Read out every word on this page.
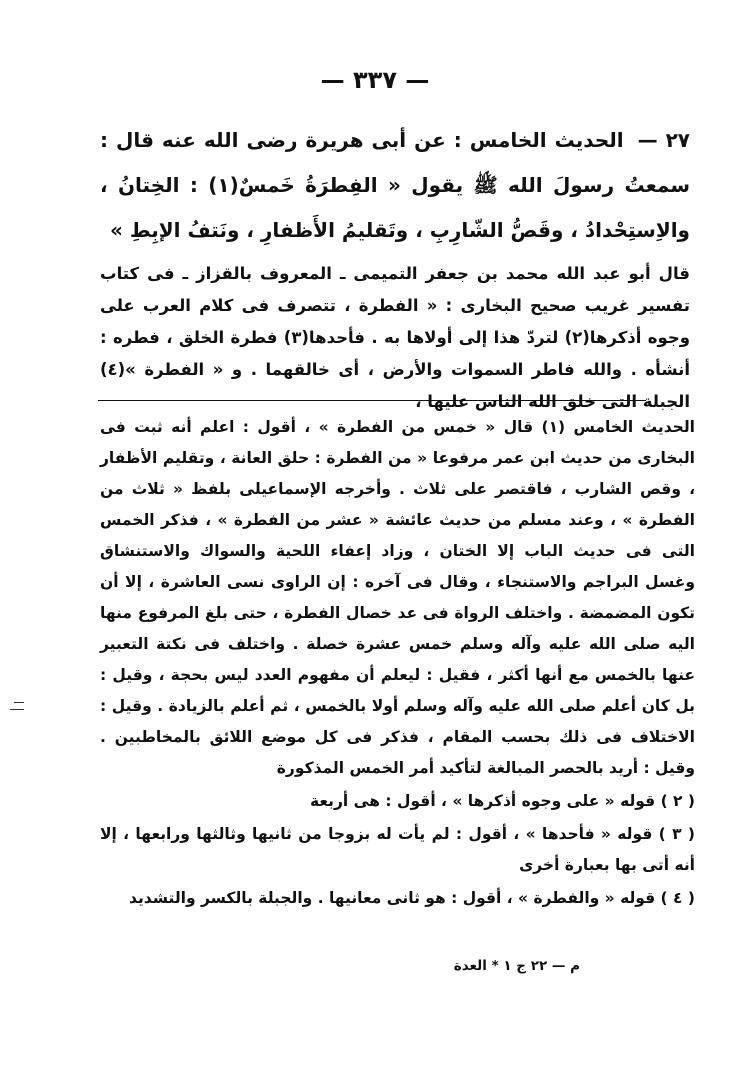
— ٣٣٧ —
٢٧ — الحديث الخامس : عن أبى هريرة رضى الله عنه قال : سمعتُ رسولَ الله ﷺ يقول « الفِطرَةُ خَمسٌ(١) : الخِتانُ ، والاِستِحْدادُ ، وقَصُّ الشّارِبِ ، وتَقليمُ الأَظفارِ ، ونَتفُ الإبِطِ »
قال أبو عبد الله محمد بن جعفر التميمى ـ المعروف بالقزاز ـ فى كتاب تفسير غريب صحيح البخارى : « الفطرة ، تتصرف فى كلام العرب على وجوه أذكرها(٢) لتردّ هذا إلى أولاها به . فأحدها(٣) فطرة الخلق ، فطره : أنشأه . والله فاطر السموات والأرض ، أى خالقهما . و « الفطرة »(٤) الجبلة التى خلق الله الناس عليها ،

الحديث الخامس (١) قال « خمس من الفطرة » ، أقول : اعلم أنه ثبت فى البخارى من حديث ابن عمر مرفوعا « من الفطرة : حلق العانة ، وتقليم الأظفار ، وقص الشارب ، فاقتصر على ثلاث . وأخرجه الإسماعيلى بلفظ « ثلاث من الفطرة » ، وعند مسلم من حديث عائشة « عشر من الفطرة » ، فذكر الخمس التى فى حديث الباب إلا الختان ، وزاد إعفاء اللحية والسواك والاستنشاق وغسل البراجم والاستنجاء ، وقال فى آخره : إن الراوى نسى العاشرة ، إلا أن تكون المضمضة . واختلف الرواة فى عد خصال الفطرة ، حتى بلغ المرفوع منها اليه صلى الله عليه وآله وسلم خمس عشرة خصلة . واختلف فى نكتة التعبير عنها بالخمس مع أنها أكثر ، فقيل : ليعلم أن مفهوم العدد ليس بحجة ، وقيل : بل كان أعلم صلى الله عليه وآله وسلم أولا بالخمس ، ثم أعلم بالزيادة . وقيل : الاختلاف فى ذلك بحسب المقام ، فذكر فى كل موضع اللائق بالمخاطبين . وقيل : أريد بالحصر المبالغة لتأكيد أمر الخمس المذكورة

( ٢ ) قوله « على وجوه أذكرها » ، أقول : هى أربعة

( ٣ ) قوله « فأحدها » ، أقول : لم يأت له بزوجا من ثانيها وثالثها ورابعها ، إلا أنه أتى بها بعبارة أخرى

( ٤ ) قوله « والفطرة » ، أقول : هو ثانى معانيها . والجبلة بالكسر والتشديد

م — ٢٢ ج ١ * العدة
